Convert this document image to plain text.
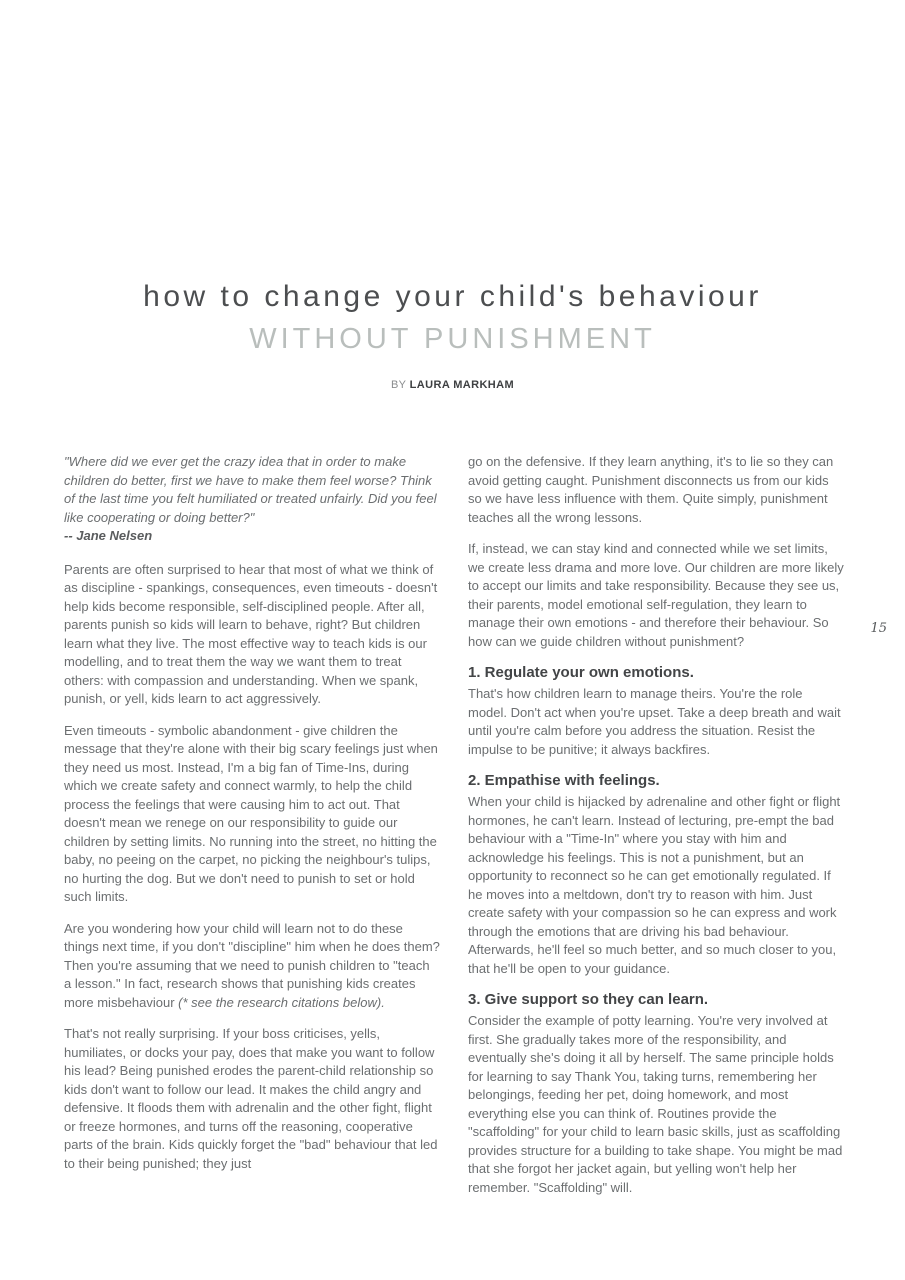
15
how to change your child's behaviour
WITHOUT PUNISHMENT
BY LAURA MARKHAM

"Where did we ever get the crazy idea that in order to make children do better, first we have to make them feel worse? Think of the last time you felt humiliated or treated unfairly. Did you feel like cooperating or doing better?"

-- Jane Nelsen

Parents are often surprised to hear that most of what we think of as discipline - spankings, consequences, even timeouts - doesn't help kids become responsible, self-disciplined people. After all, parents punish so kids will learn to behave, right? But children learn what they live. The most effective way to teach kids is our modelling, and to treat them the way we want them to treat others: with compassion and understanding. When we spank, punish, or yell, kids learn to act aggressively.

Even timeouts - symbolic abandonment - give children the message that they're alone with their big scary feelings just when they need us most. Instead, I'm a big fan of Time-Ins, during which we create safety and connect warmly, to help the child process the feelings that were causing him to act out. That doesn't mean we renege on our responsibility to guide our children by setting limits. No running into the street, no hitting the baby, no peeing on the carpet, no picking the neighbour's tulips, no hurting the dog. But we don't need to punish to set or hold such limits.

Are you wondering how your child will learn not to do these things next time, if you don't "discipline" him when he does them? Then you're assuming that we need to punish children to "teach a lesson." In fact, research shows that punishing kids creates more misbehaviour (* see the research citations below).

That's not really surprising. If your boss criticises, yells, humiliates, or docks your pay, does that make you want to follow his lead? Being punished erodes the parent-child relationship so kids don't want to follow our lead. It makes the child angry and defensive. It floods them with adrenalin and the other fight, flight or freeze hormones, and turns off the reasoning, cooperative parts of the brain. Kids quickly forget the "bad" behaviour that led to their being punished; they just

go on the defensive. If they learn anything, it's to lie so they can avoid getting caught. Punishment disconnects us from our kids so we have less influence with them. Quite simply, punishment teaches all the wrong lessons.

If, instead, we can stay kind and connected while we set limits, we create less drama and more love. Our children are more likely to accept our limits and take responsibility. Because they see us, their parents, model emotional self-regulation, they learn to manage their own emotions - and therefore their behaviour. So how can we guide children without punishment?

1. Regulate your own emotions.

That's how children learn to manage theirs. You're the role model. Don't act when you're upset. Take a deep breath and wait until you're calm before you address the situation. Resist the impulse to be punitive; it always backfires.

2. Empathise with feelings.

When your child is hijacked by adrenaline and other fight or flight hormones, he can't learn. Instead of lecturing, pre-empt the bad behaviour with a "Time-In" where you stay with him and acknowledge his feelings. This is not a punishment, but an opportunity to reconnect so he can get emotionally regulated. If he moves into a meltdown, don't try to reason with him. Just create safety with your compassion so he can express and work through the emotions that are driving his bad behaviour. Afterwards, he'll feel so much better, and so much closer to you, that he'll be open to your guidance.

3. Give support so they can learn.

Consider the example of potty learning. You're very involved at first. She gradually takes more of the responsibility, and eventually she's doing it all by herself. The same principle holds for learning to say Thank You, taking turns, remembering her belongings, feeding her pet, doing homework, and most everything else you can think of. Routines provide the "scaffolding" for your child to learn basic skills, just as scaffolding provides structure for a building to take shape. You might be mad that she forgot her jacket again, but yelling won't help her remember. "Scaffolding" will.
